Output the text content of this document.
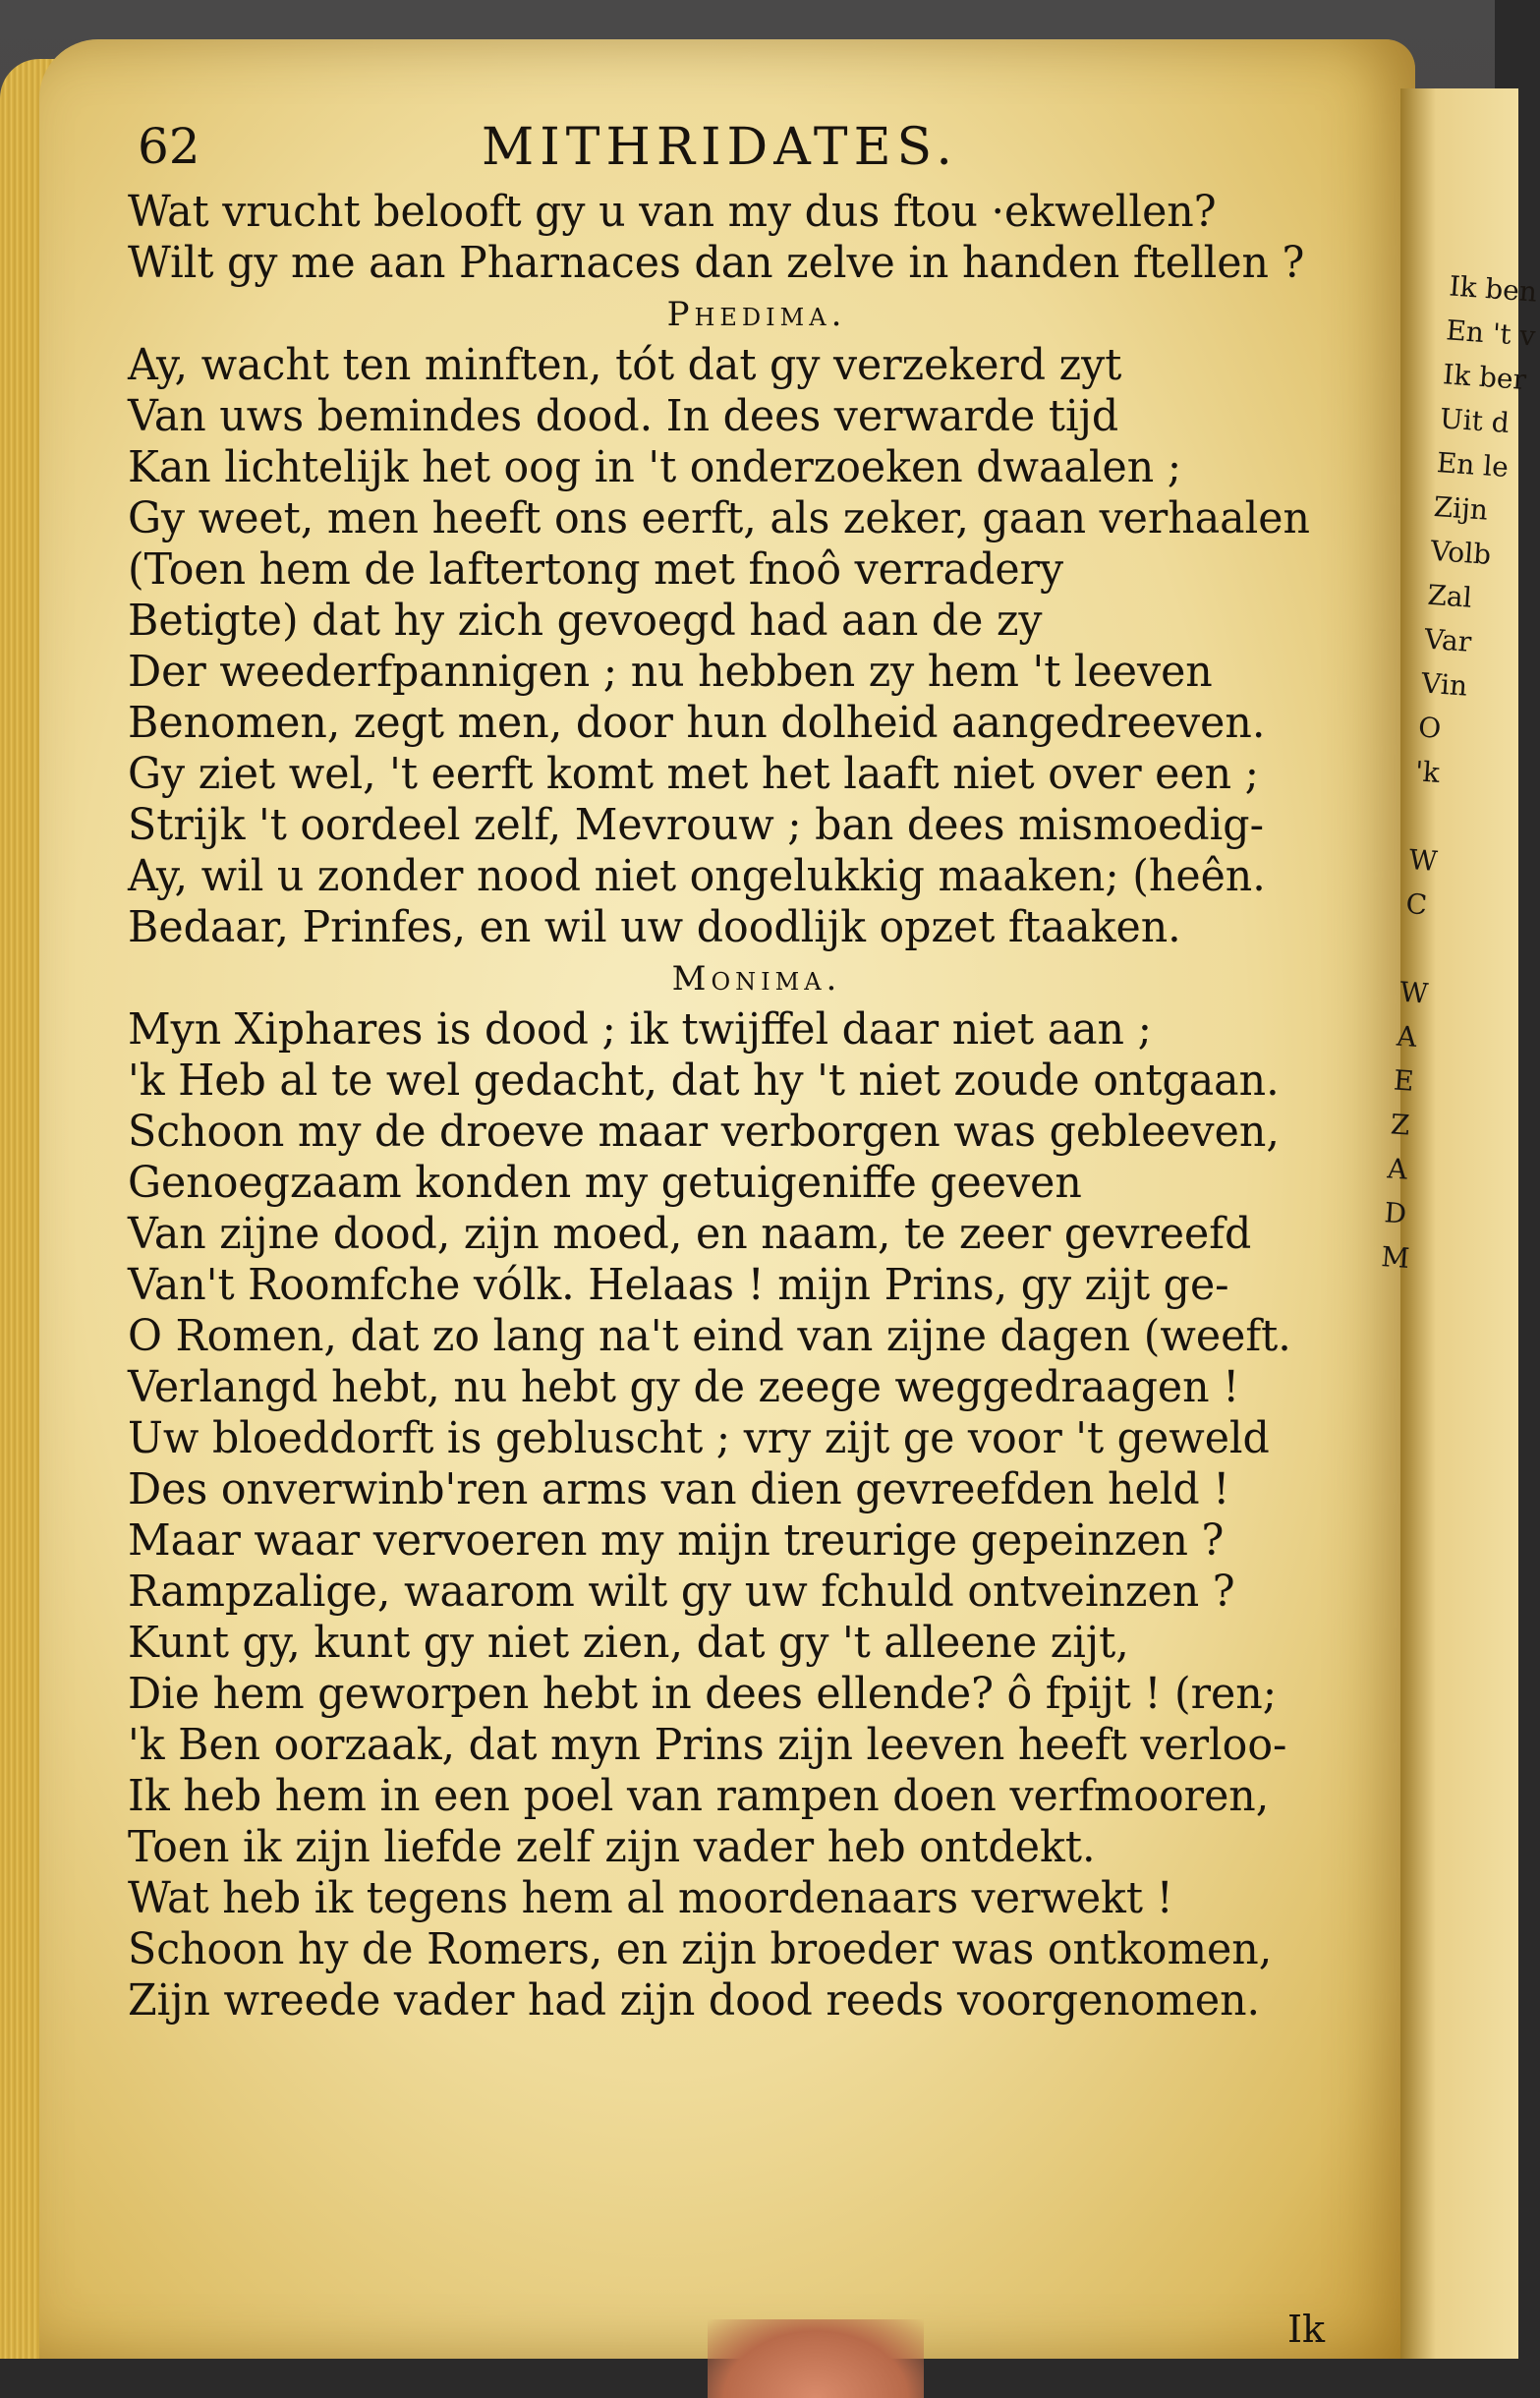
Ik ben
En 't v
Ik ber
Uit d
En le
Zijn
Volb
Zal
Var
Vin
O
'k
W
C
W
A
E
Z
A
D
M
62	MITHRIDATES.
Wat vrucht belooft gy u van my dus ftou ·ekwellen?
Wilt gy me aan Pharnaces dan zelve in handen ftellen ?
Phedima.
Ay, wacht ten minften, tót dat gy verzekerd zyt
Van uws bemindes dood. In dees verwarde tijd
Kan lichtelijk het oog in 't onderzoeken dwaalen ;
Gy weet, men heeft ons eerft, als zeker, gaan verhaalen
(Toen hem de laftertong met fnoô verradery
Betigte) dat hy zich gevoegd had aan de zy
Der weederfpannigen ; nu hebben zy hem 't leeven
Benomen, zegt men, door hun dolheid aangedreeven.
Gy ziet wel, 't eerft komt met het laaft niet over een ;
Strijk 't oordeel zelf, Mevrouw ; ban dees mismoedig-
Ay, wil u zonder nood niet ongelukkig maaken; (heên.
Bedaar, Prinfes, en wil uw doodlijk opzet ftaaken.
Monima.
Myn Xiphares is dood ; ik twijffel daar niet aan ;
'k Heb al te wel gedacht, dat hy 't niet zoude ontgaan.
Schoon my de droeve maar verborgen was gebleeven,
Genoegzaam konden my getuigeniffe geeven
Van zijne dood, zijn moed, en naam, te zeer gevreefd
Van't Roomfche vólk. Helaas ! mijn Prins, gy zijt ge-
O Romen, dat zo lang na't eind van zijne dagen (weeft.
Verlangd hebt, nu hebt gy de zeege weggedraagen !
Uw bloeddorft is gebluscht ; vry zijt ge voor 't geweld
Des onverwinb'ren arms van dien gevreefden held !
Maar waar vervoeren my mijn treurige gepeinzen ?
Rampzalige, waarom wilt gy uw fchuld ontveinzen ?
Kunt gy, kunt gy niet zien, dat gy 't alleene zijt,
Die hem geworpen hebt in dees ellende? ô fpijt ! (ren;
'k Ben oorzaak, dat myn Prins zijn leeven heeft verloo-
Ik heb hem in een poel van rampen doen verfmooren,
Toen ik zijn liefde zelf zijn vader heb ontdekt.
Wat heb ik tegens hem al moordenaars verwekt !
Schoon hy de Romers, en zijn broeder was ontkomen,
Zijn wreede vader had zijn dood reeds voorgenomen.
Ik
